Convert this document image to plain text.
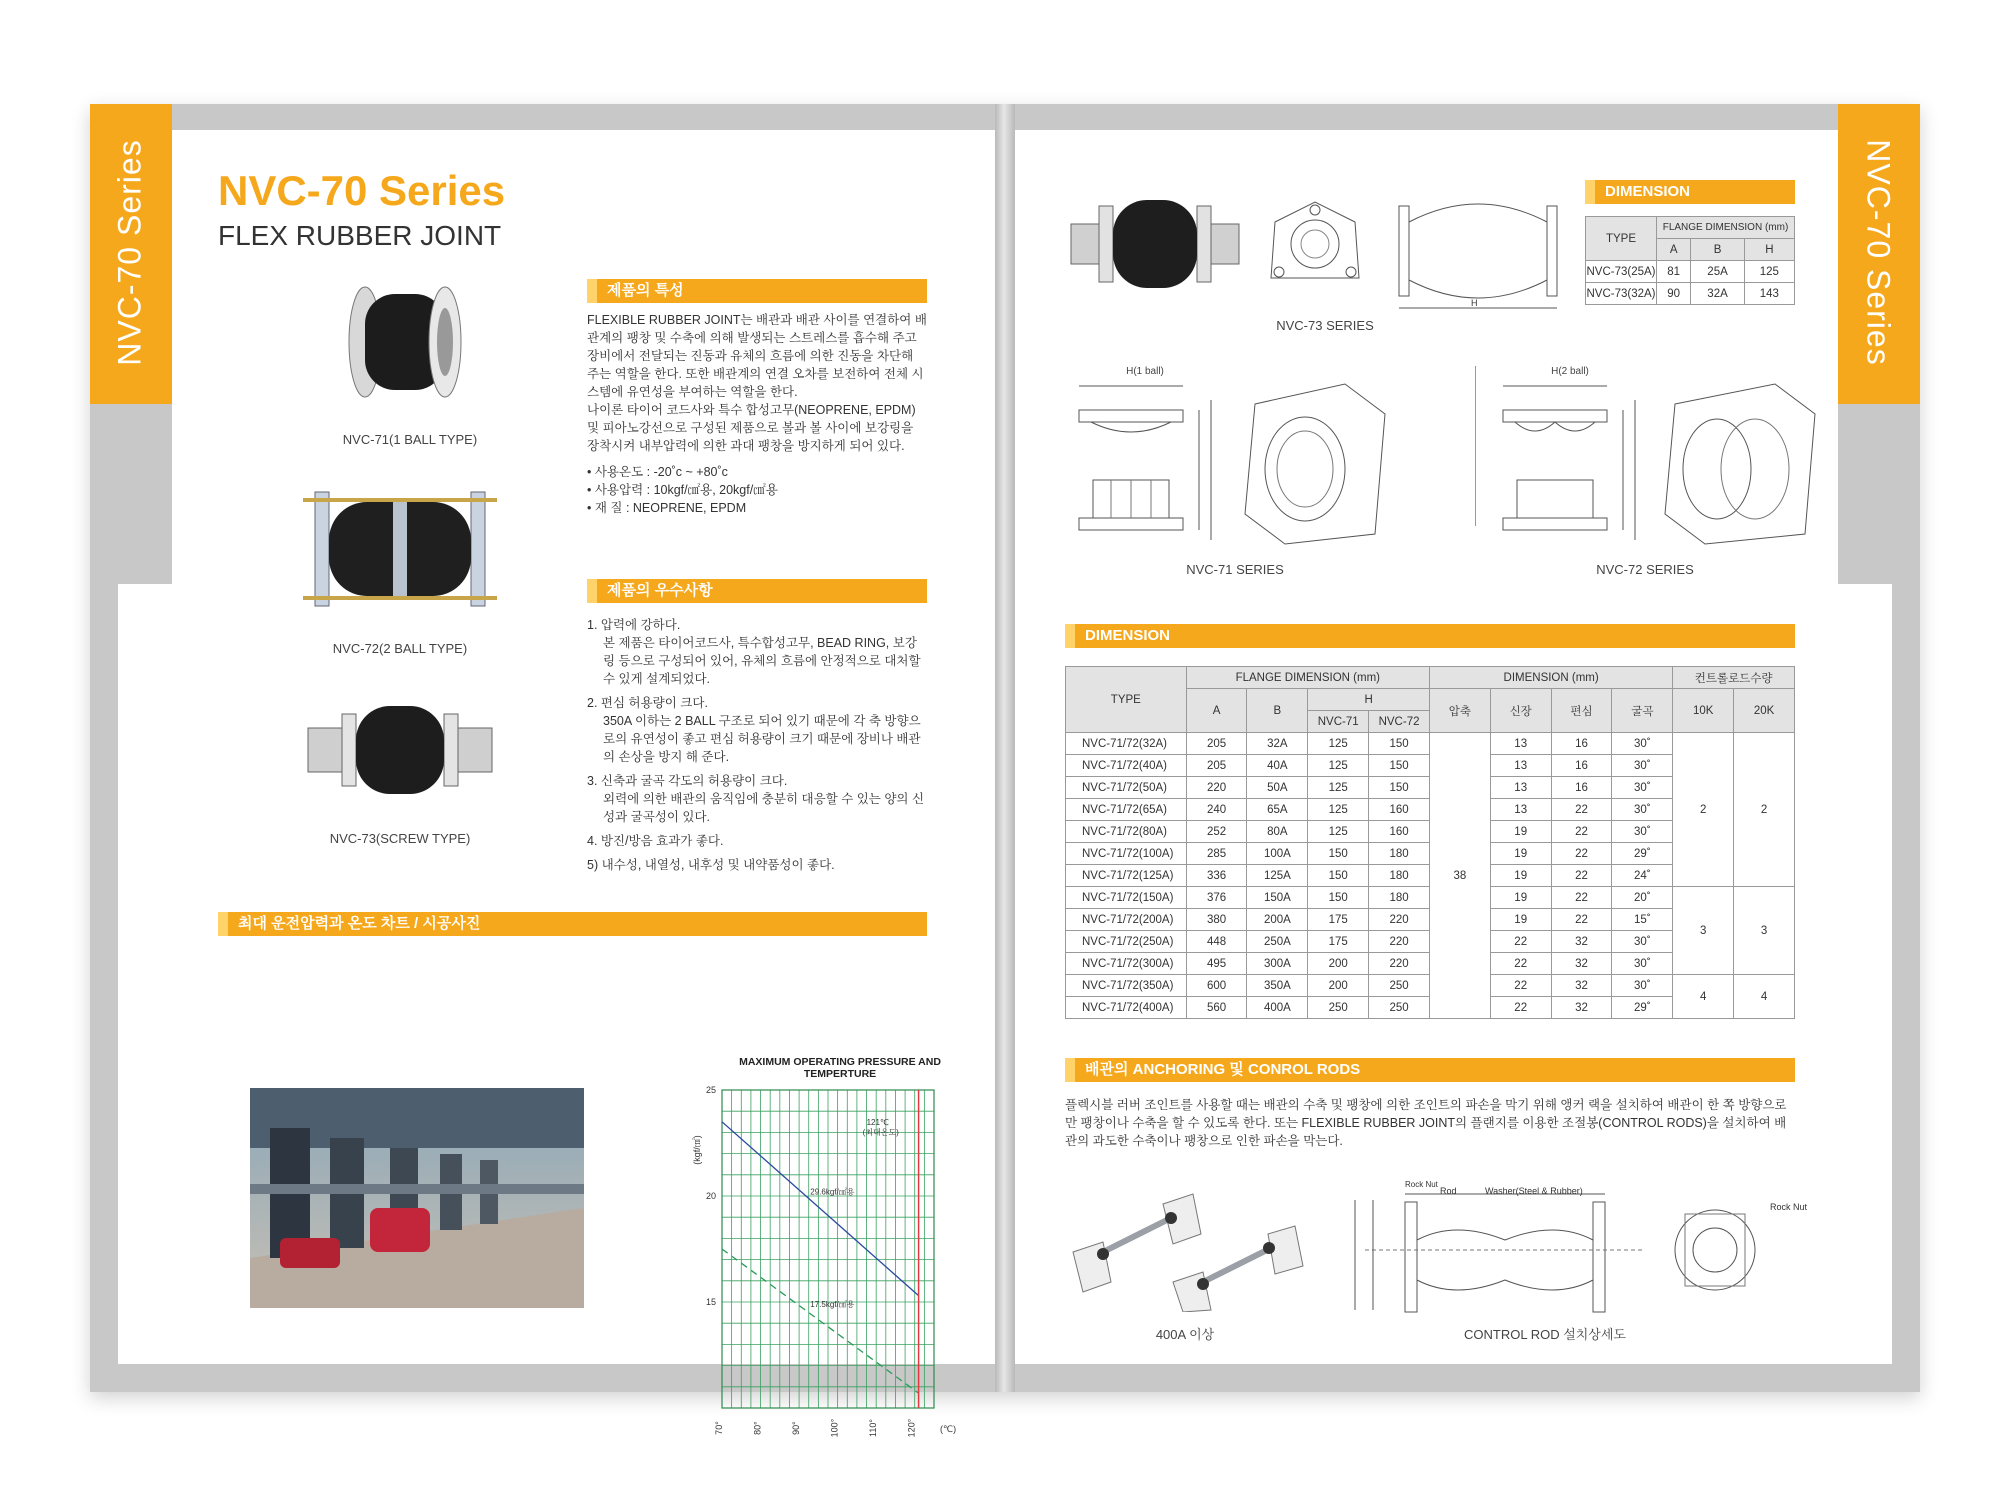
NVC-70 Series
32
NVC-70 Series
FLEX RUBBER JOINT
NVC-71(1 BALL TYPE)
NVC-72(2 BALL TYPE)
NVC-73(SCREW TYPE)
제품의 특성

FLEXIBLE RUBBER JOINT는 배관과 배관 사이를 연결하여 배관계의 팽창 및 수축에 의해 발생되는 스트레스를 흡수해 주고 장비에서 전달되는 진동과 유체의 흐름에 의한 진동을 차단해 주는 역할을 한다. 또한 배관계의 연결 오차를 보전하여 전체 시스템에 유연성을 부여하는 역할을 한다.

나이론 타이어 코드사와 특수 합성고무(NEOPRENE, EPDM) 및 피아노강선으로 구성된 제품으로 볼과 볼 사이에 보강링을 장착시켜 내부압력에 의한 과대 팽창을 방지하게 되어 있다.

• 사용온도 : -20˚c ~ +80˚c
• 사용압력 : 10kgf/㎠용, 20kgf/㎠용
• 재 질 : NEOPRENE, EPDM
제품의 우수사항
1. 압력에 강하다.
본 제품은 타이어코드사, 특수합성고무, BEAD RING, 보강링 등으로 구성되어 있어, 유체의 흐름에 안정적으로 대처할 수 있게 설계되었다.
2. 편심 허용량이 크다.
350A 이하는 2 BALL 구조로 되어 있기 때문에 각 축 방향으로의 유연성이 좋고 편심 허용량이 크기 때문에 장비나 배관의 손상을 방지 해 준다.
3. 신축과 굴곡 각도의 허용량이 크다.
외력에 의한 배관의 움직임에 충분히 대응할 수 있는 양의 신성과 굴곡성이 있다.
4. 방진/방음 효과가 좋다.
5) 내수성, 내열성, 내후성 및 내약품성이 좋다.
최대 운전압력과 온도 차트 / 시공사진
MAXIMUM OPERATING PRESSURE AND TEMPERTURE
25
20
15
70°	80°	90°	100°	110°	120°	(℃)
(kgf/㎠)
29.6kgf/㎠용
17.5kgf/㎠용
121℃
(최대온도)
NVC-70 Series
33
H
NVC-73 SERIES
DIMENSION
TYPE	FLANGE DIMENSION (mm)		
	A	B	H
NVC-73(25A)	81	25A	125
NVC-73(32A)	90	32A	143
H(1 ball)
NVC-71 SERIES
H(2 ball)
NVC-72 SERIES
DIMENSION
TYPE	FLANGE DIMENSION (mm)				DIMENSION (mm)				컨트롤로드수량	
	A	B	H		압축	신장	편심	굴곡	10K	20K
			NVC-71	NVC-72						
NVC-71/72(32A)	205	32A	125	150	38	13	16	30˚	2	2
NVC-71/72(40A)	205	40A	125	150		13	16	30˚		
NVC-71/72(50A)	220	50A	125	150		13	16	30˚		
NVC-71/72(65A)	240	65A	125	160		13	22	30˚		
NVC-71/72(80A)	252	80A	125	160		19	22	30˚		
NVC-71/72(100A)	285	100A	150	180		19	22	29˚		
NVC-71/72(125A)	336	125A	150	180		19	22	24˚		
NVC-71/72(150A)	376	150A	150	180		19	22	20˚	3	3
NVC-71/72(200A)	380	200A	175	220		19	22	15˚		
NVC-71/72(250A)	448	250A	175	220		22	32	30˚		
NVC-71/72(300A)	495	300A	200	220		22	32	30˚		
NVC-71/72(350A)	600	350A	200	250		22	32	30˚	4	4
NVC-71/72(400A)	560	400A	250	250		22	32	29˚		
배관의 ANCHORING 및 CONROL RODS
플렉시블 러버 조인트를 사용할 때는 배관의 수축 및 팽창에 의한 조인트의 파손을 막기 위해 앵커 랙을 설치하여 배관이 한 쪽 방향으로만 팽창이나 수축을 할 수 있도록 한다. 또는 FLEXIBLE RUBBER JOINT의 플랜지를 이용한 조절봉(CONTROL RODS)을 설치하여 배관의 과도한 수축이나 팽창으로 인한 파손을 막는다.
400A 이상
Rod	Washer(Steel & Rubber)
Rock Nut
Rock Nut
CONTROL ROD 설치상세도
